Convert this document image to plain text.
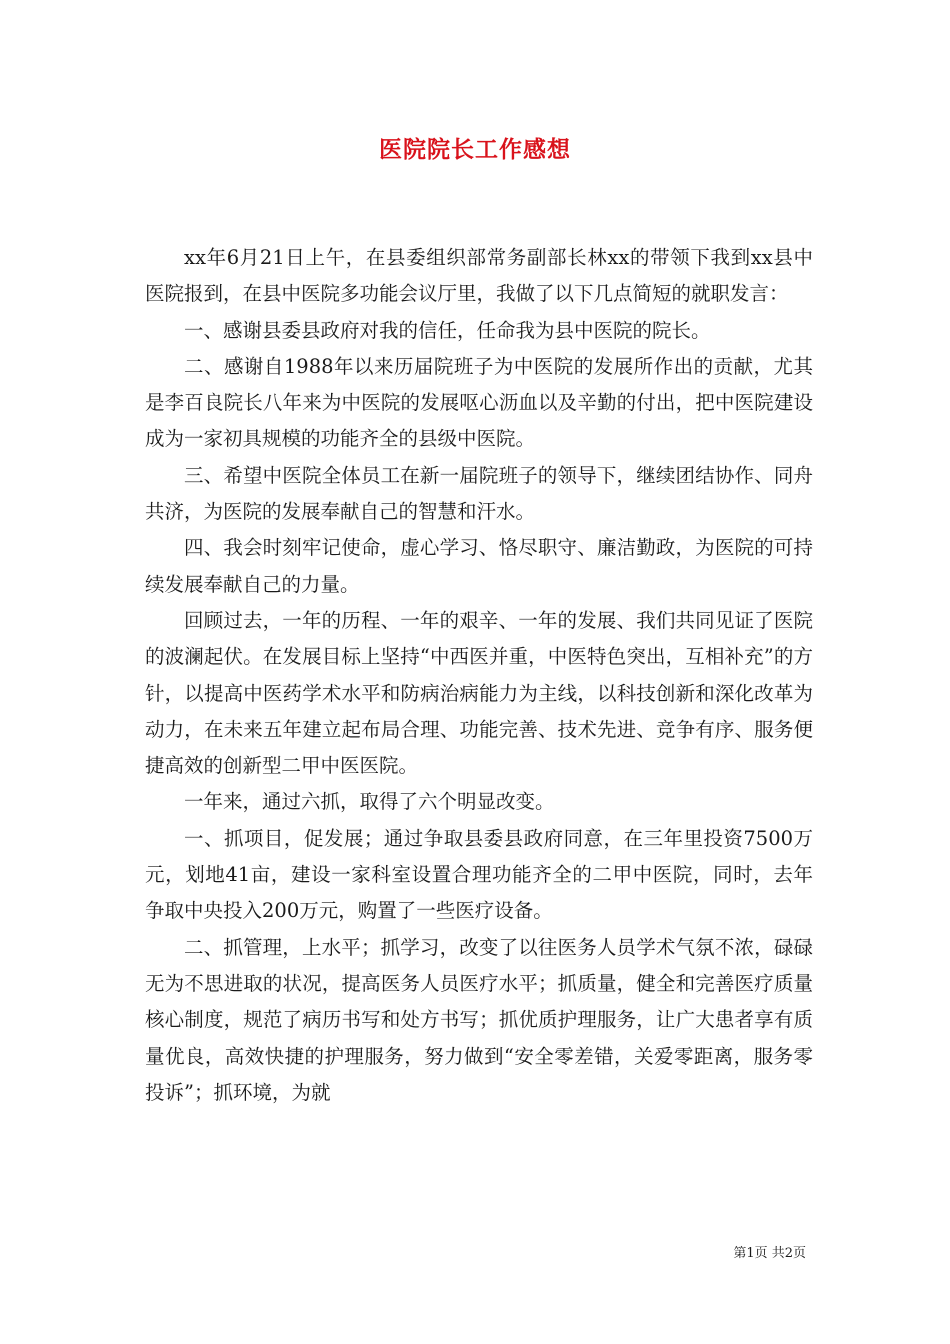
医院院长工作感想

xx年6月21日上午，在县委组织部常务副部长林xx的带领下我到xx县中医院报到，在县中医院多功能会议厅里，我做了以下几点简短的就职发言：

一、感谢县委县政府对我的信任，任命我为县中医院的院长。

二、感谢自1988年以来历届院班子为中医院的发展所作出的贡献，尤其是李百良院长八年来为中医院的发展呕心沥血以及辛勤的付出，把中医院建设成为一家初具规模的功能齐全的县级中医院。

三、希望中医院全体员工在新一届院班子的领导下，继续团结协作、同舟共济，为医院的发展奉献自己的智慧和汗水。

四、我会时刻牢记使命，虚心学习、恪尽职守、廉洁勤政，为医院的可持续发展奉献自己的力量。

回顾过去，一年的历程、一年的艰辛、一年的发展、我们共同见证了医院的波澜起伏。在发展目标上坚持“中西医并重，中医特色突出，互相补充”的方针，以提高中医药学术水平和防病治病能力为主线，以科技创新和深化改革为动力，在未来五年建立起布局合理、功能完善、技术先进、竞争有序、服务便捷高效的创新型二甲中医医院。

一年来，通过六抓，取得了六个明显改变。

一、抓项目，促发展；通过争取县委县政府同意，在三年里投资7500万元，划地41亩，建设一家科室设置合理功能齐全的二甲中医院，同时，去年争取中央投入200万元，购置了一些医疗设备。

二、抓管理，上水平；抓学习，改变了以往医务人员学术气氛不浓，碌碌无为不思进取的状况，提高医务人员医疗水平；抓质量，健全和完善医疗质量核心制度，规范了病历书写和处方书写；抓优质护理服务，让广大患者享有质量优良，高效快捷的护理服务，努力做到“安全零差错，关爱零距离，服务零投诉”；抓环境，为就

第1页 共2页
